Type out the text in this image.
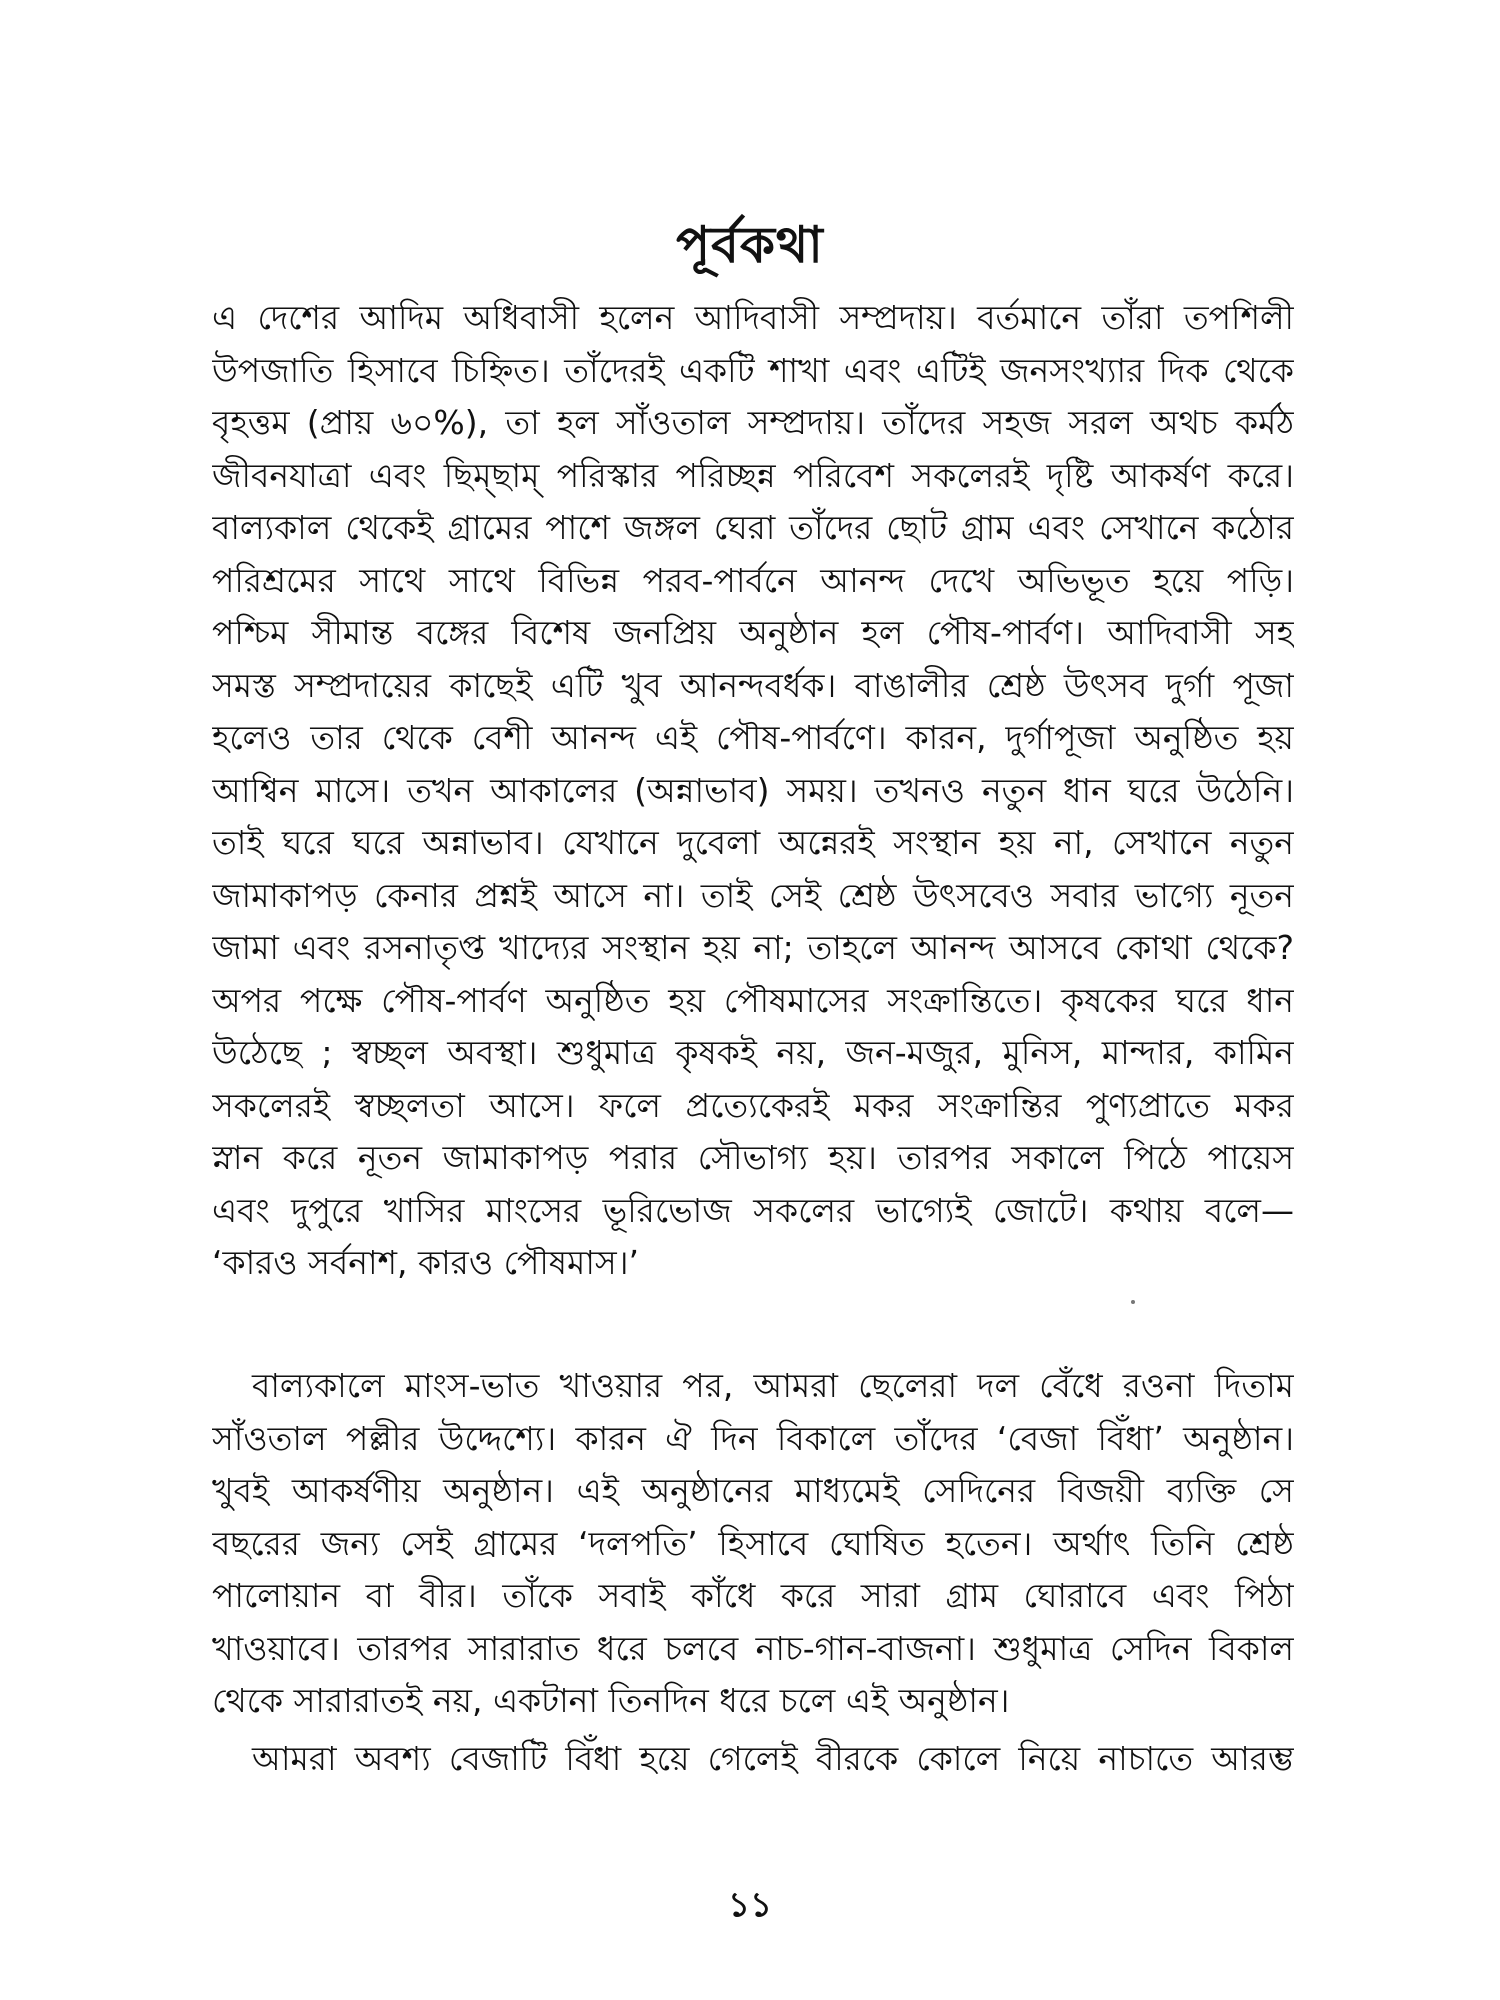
পূর্বকথা
এ দেশের আদিম অধিবাসী হলেন আদিবাসী সম্প্রদায়। বর্তমানে তাঁরা তপশিলী
উপজাতি হিসাবে চিহ্নিত। তাঁদেরই একটি শাখা এবং এটিই জনসংখ্যার দিক থেকে
বৃহত্তম (প্রায় ৬০%), তা হল সাঁওতাল সম্প্রদায়। তাঁদের সহজ সরল অথচ কর্মঠ
জীবনযাত্রা এবং ছিম্‌ছাম্‌ পরিস্কার পরিচ্ছন্ন পরিবেশ সকলেরই দৃষ্টি আকর্ষণ করে।
বাল্যকাল থেকেই গ্রামের পাশে জঙ্গল ঘেরা তাঁদের ছোট গ্রাম এবং সেখানে কঠোর
পরিশ্রমের সাথে সাথে বিভিন্ন পরব-পার্বনে আনন্দ দেখে অভিভূত হয়ে পড়ি।
পশ্চিম সীমান্ত বঙ্গের বিশেষ জনপ্রিয় অনুষ্ঠান হল পৌষ-পার্বণ। আদিবাসী সহ
সমস্ত সম্প্রদায়ের কাছেই এটি খুব আনন্দবর্ধক। বাঙালীর শ্রেষ্ঠ উৎসব দুর্গা পূজা
হলেও তার থেকে বেশী আনন্দ এই পৌষ-পার্বণে। কারন, দুর্গাপূজা অনুষ্ঠিত হয়
আশ্বিন মাসে। তখন আকালের (অন্নাভাব) সময়। তখনও নতুন ধান ঘরে উঠেনি।
তাই ঘরে ঘরে অন্নাভাব। যেখানে দুবেলা অন্নেরই সংস্থান হয় না, সেখানে নতুন
জামাকাপড় কেনার প্রশ্নই আসে না। তাই সেই শ্রেষ্ঠ উৎসবেও সবার ভাগ্যে নূতন
জামা এবং রসনাতৃপ্ত খাদ্যের সংস্থান হয় না; তাহলে আনন্দ আসবে কোথা থেকে?
অপর পক্ষে পৌষ-পার্বণ অনুষ্ঠিত হয় পৌষমাসের সংক্রান্তিতে। কৃষকের ঘরে ধান
উঠেছে ; স্বচ্ছল অবস্থা। শুধুমাত্র কৃষকই নয়, জন-মজুর, মুনিস, মান্দার, কামিন
সকলেরই স্বচ্ছলতা আসে। ফলে প্রত্যেকেরই মকর সংক্রান্তির পুণ্যপ্রাতে মকর
স্নান করে নূতন জামাকাপড় পরার সৌভাগ্য হয়। তারপর সকালে পিঠে পায়েস
এবং দুপুরে খাসির মাংসের ভূরিভোজ সকলের ভাগ্যেই জোটে। কথায় বলে—
‘কারও সর্বনাশ, কারও পৌষমাস।’
বাল্যকালে মাংস-ভাত খাওয়ার পর, আমরা ছেলেরা দল বেঁধে রওনা দিতাম
সাঁওতাল পল্লীর উদ্দেশ্যে। কারন ঐ দিন বিকালে তাঁদের ‘বেজা বিঁধা’ অনুষ্ঠান।
খুবই আকর্ষণীয় অনুষ্ঠান। এই অনুষ্ঠানের মাধ্যমেই সেদিনের বিজয়ী ব্যক্তি সে
বছরের জন্য সেই গ্রামের ‘দলপতি’ হিসাবে ঘোষিত হতেন। অর্থাৎ তিনি শ্রেষ্ঠ
পালোয়ান বা বীর। তাঁকে সবাই কাঁধে করে সারা গ্রাম ঘোরাবে এবং পিঠা
খাওয়াবে। তারপর সারারাত ধরে চলবে নাচ-গান-বাজনা। শুধুমাত্র সেদিন বিকাল
থেকে সারারাতই নয়, একটানা তিনদিন ধরে চলে এই অনুষ্ঠান।
আমরা অবশ্য বেজাটি বিঁধা হয়ে গেলেই বীরকে কোলে নিয়ে নাচাতে আরম্ভ
১১
